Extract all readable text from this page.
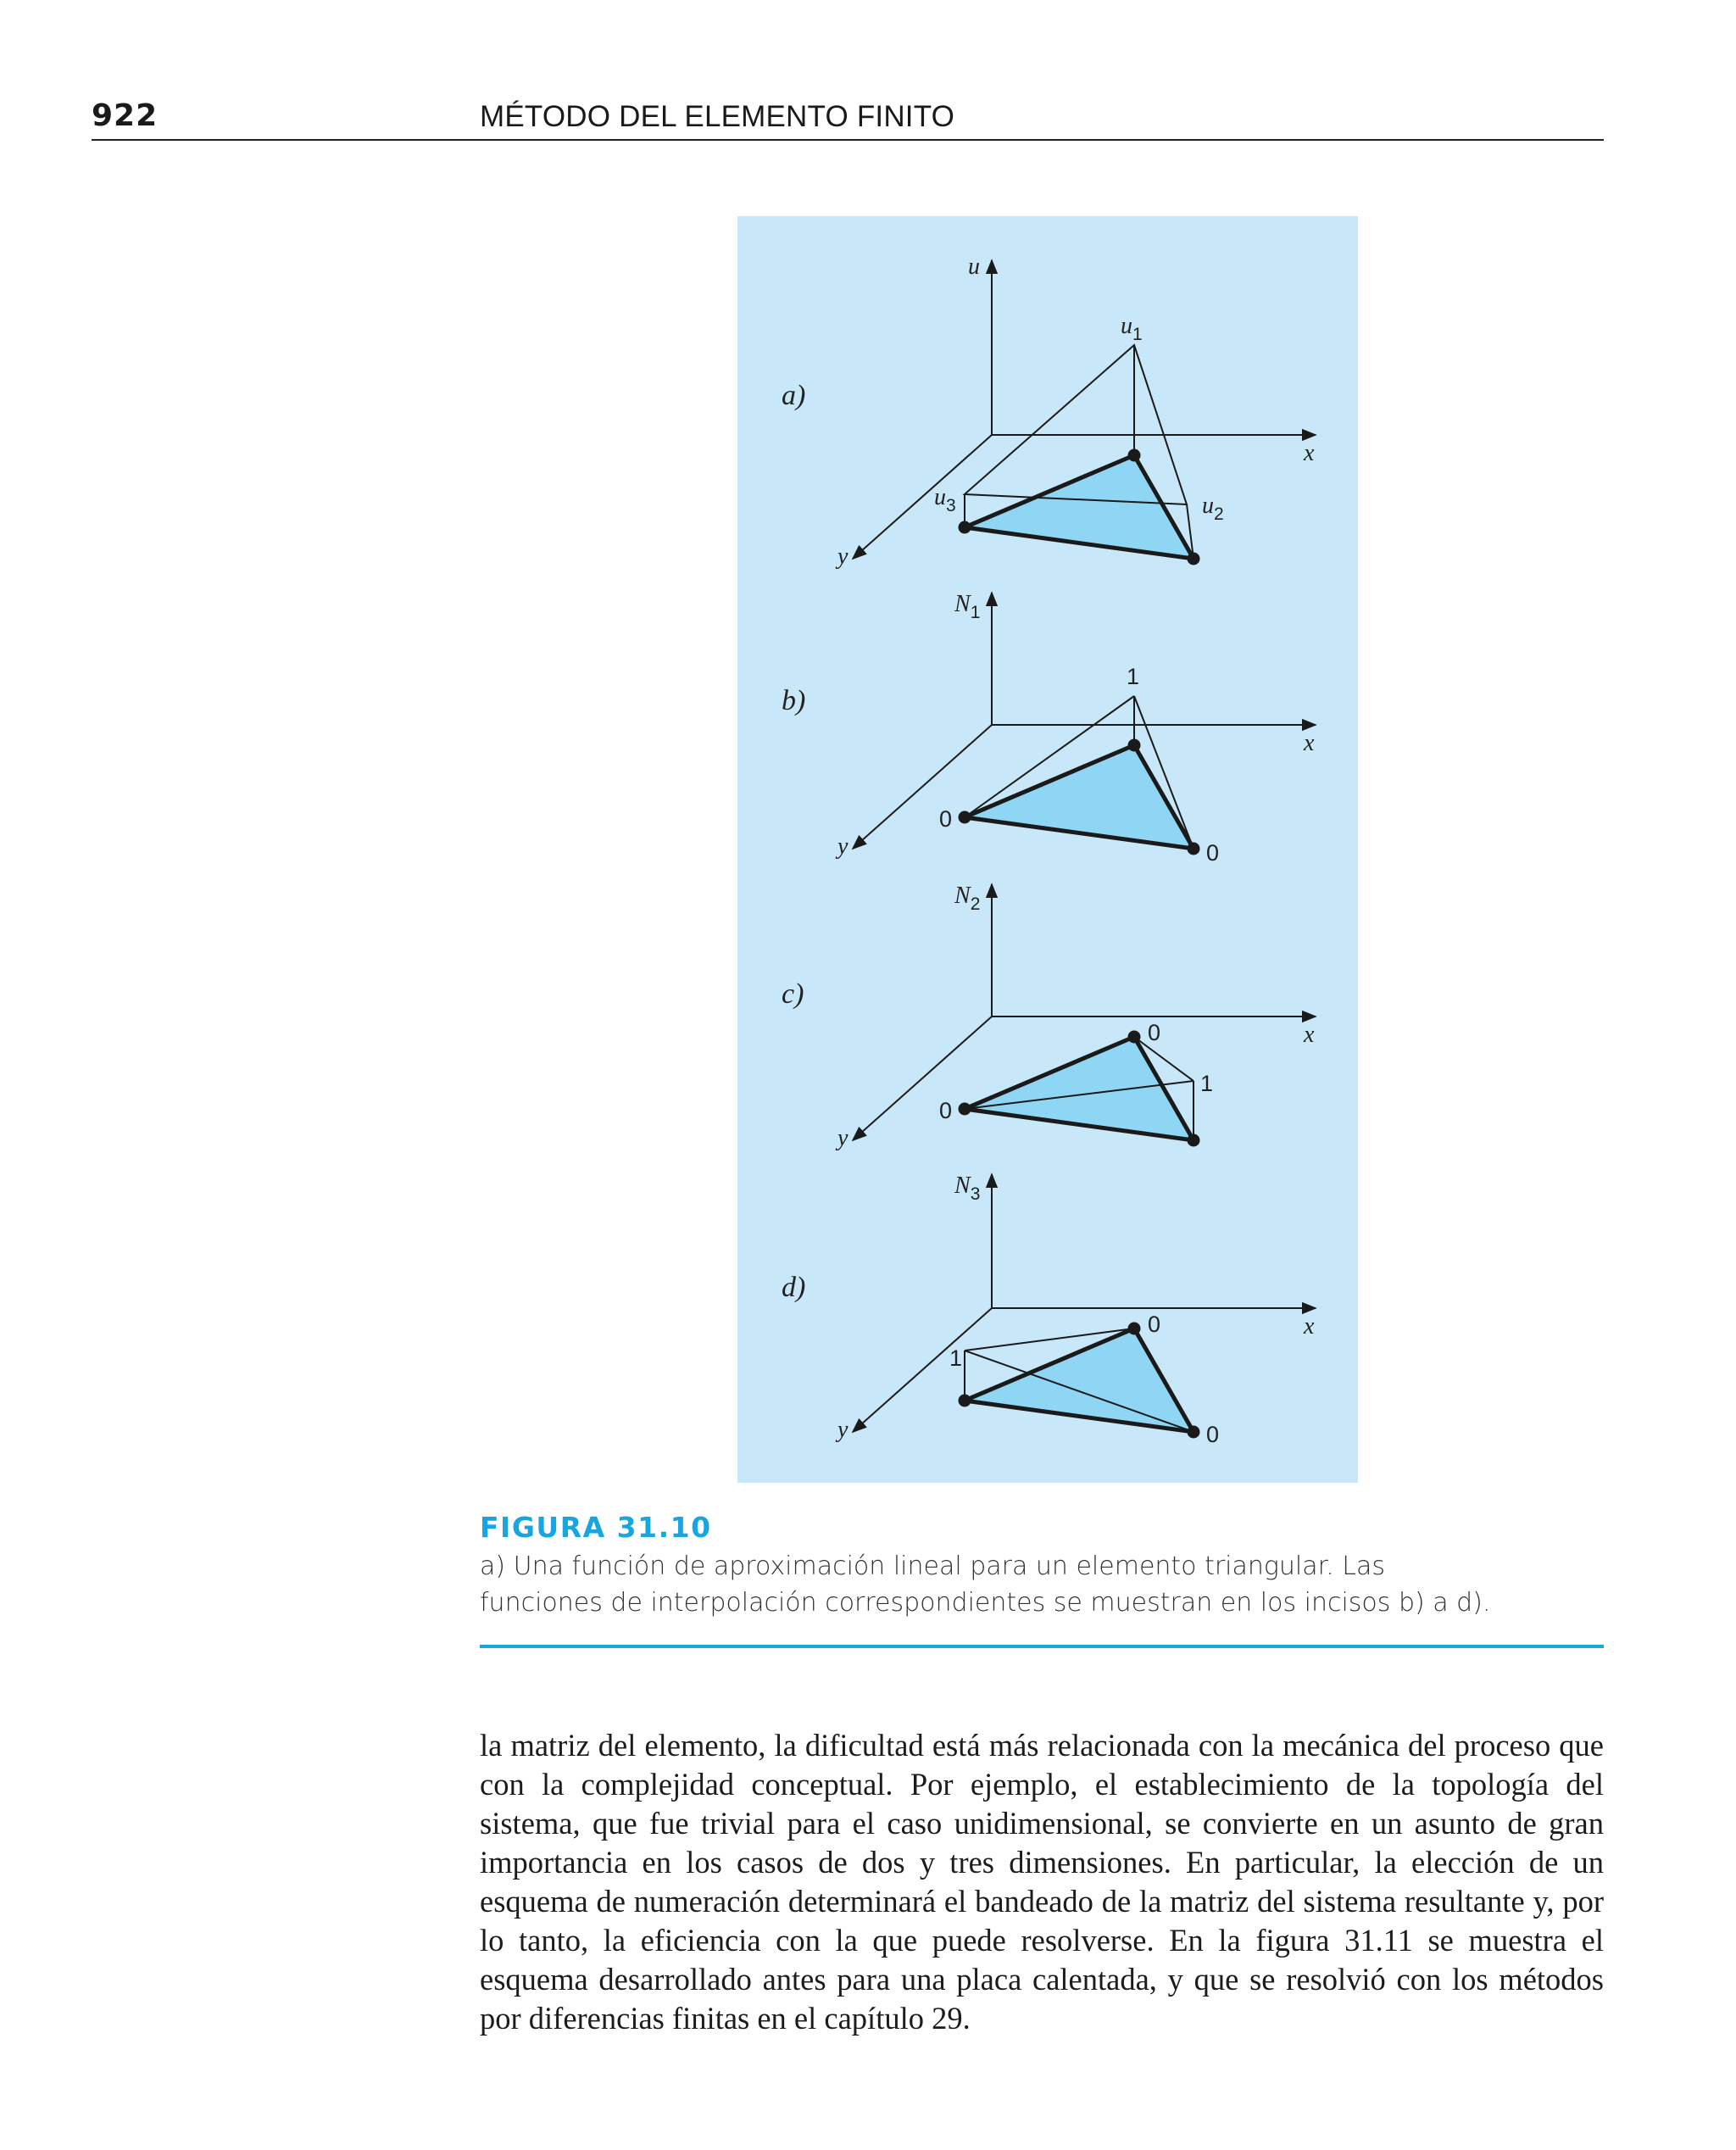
922	MÉTODO DEL ELEMENTO FINITO
a)
u
x
y
$u_1$
$u_2$
$u_3$
b)
$N_1$
x
y
1
0
0
c)
$N_2$
x
y
0
1
0
d)
$N_3$
x
y
0
0
1
FIGURA 31.10
a) Una función de aproximación lineal para un elemento triangular. Las funciones de interpolación correspondientes se muestran en los incisos b) a d).
la matriz del elemento, la dificultad está más relacionada con la mecánica del proceso que con la complejidad conceptual. Por ejemplo, el establecimiento de la topología del sistema, que fue trivial para el caso unidimensional, se convierte en un asunto de gran importancia en los casos de dos y tres dimensiones. En particular, la elección de un esquema de numeración determinará el bandeado de la matriz del sistema resultante y, por lo tanto, la eficiencia con la que puede resolverse. En la figura 31.11 se muestra el esquema desarrollado antes para una placa calentada, y que se resolvió con los métodos por diferencias finitas en el capítulo 29.
